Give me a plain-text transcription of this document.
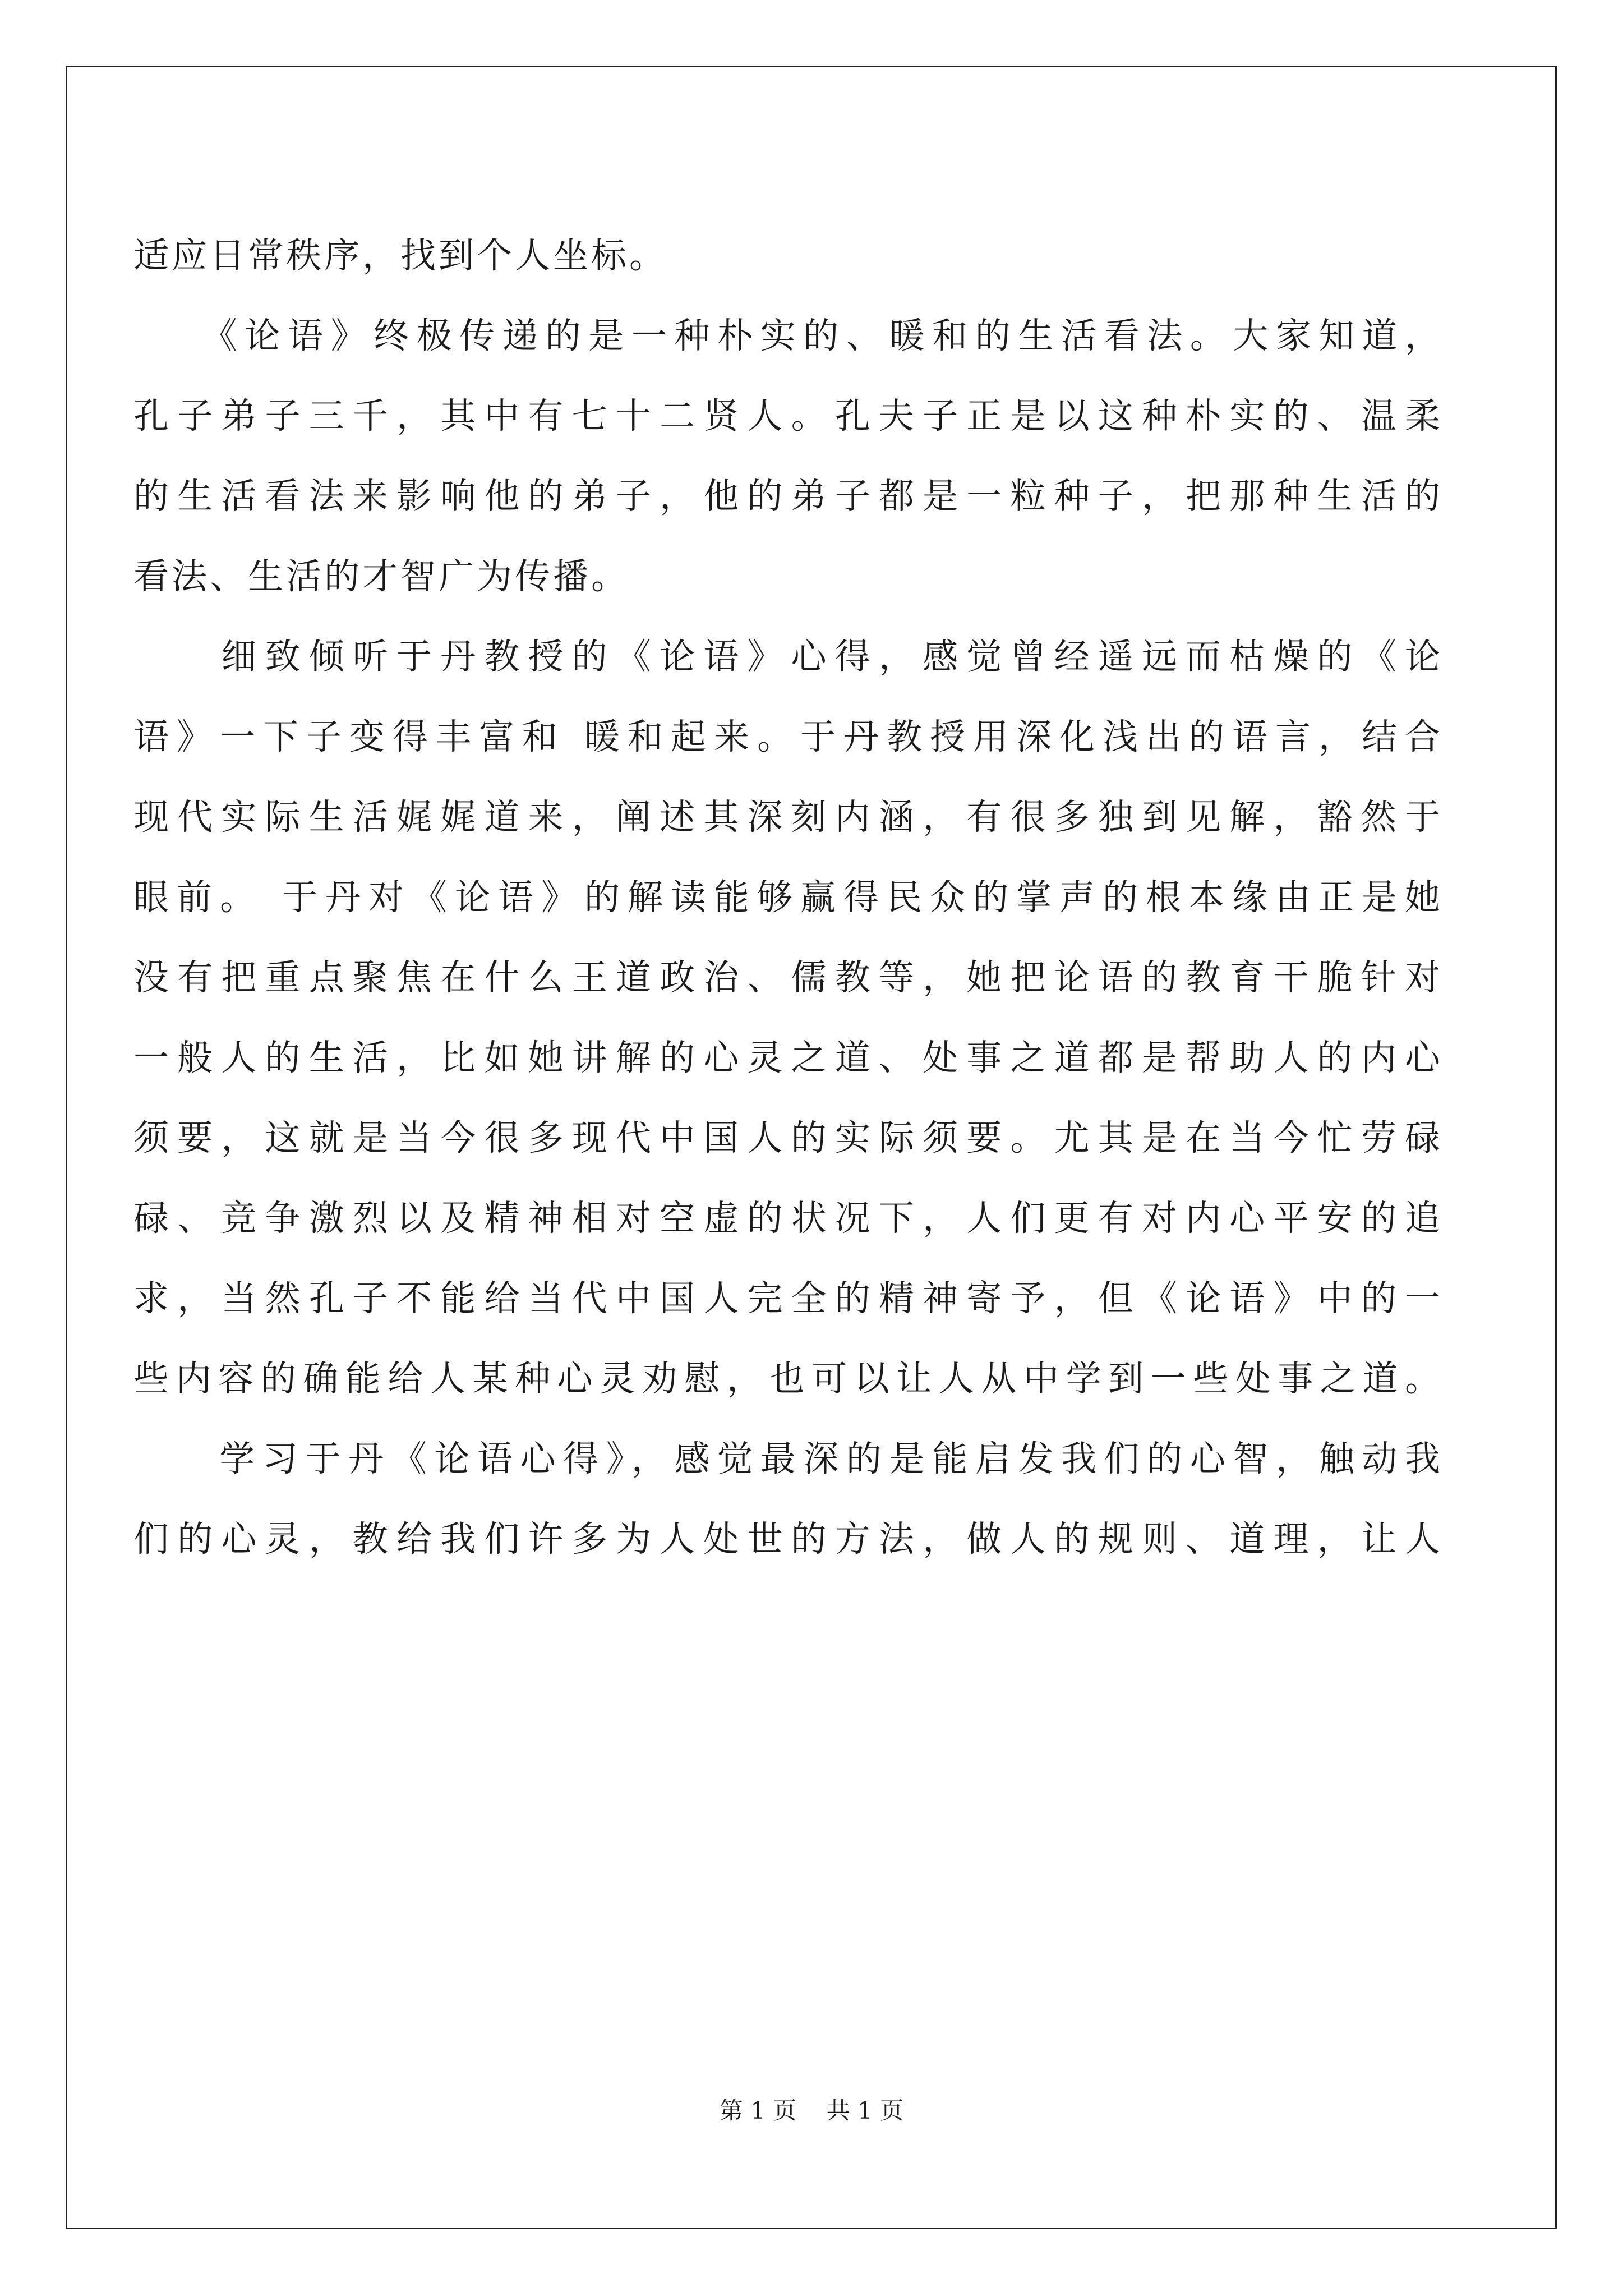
适应日常秩序，找到个人坐标。
　　《论语》终极传递的是一种朴实的、暖和的生活看法。大家知道，
孔子弟子三千，其中有七十二贤人。孔夫子正是以这种朴实的、温柔
的生活看法来影响他的弟子，他的弟子都是一粒种子，把那种生活的
看法、生活的才智广为传播。
　　细致倾听于丹教授的《论语》心得，感觉曾经遥远而枯燥的《论
语》一下子变得丰富和 暖和起来。于丹教授用深化浅出的语言，结合
现代实际生活娓娓道来，阐述其深刻内涵，有很多独到见解，豁然于
眼前。 于丹对《论语》的解读能够赢得民众的掌声的根本缘由正是她
没有把重点聚焦在什么王道政治、儒教等，她把论语的教育干脆针对
一般人的生活，比如她讲解的心灵之道、处事之道都是帮助人的内心
须要，这就是当今很多现代中国人的实际须要。尤其是在当今忙劳碌
碌、竞争激烈以及精神相对空虚的状况下，人们更有对内心平安的追
求，当然孔子不能给当代中国人完全的精神寄予，但《论语》中的一
些内容的确能给人某种心灵劝慰，也可以让人从中学到一些处事之道。
　　学习于丹《论语心得》，感觉最深的是能启发我们的心智，触动我
们的心灵，教给我们许多为人处世的方法，做人的规则、道理，让人
第 1 页    共 1 页
